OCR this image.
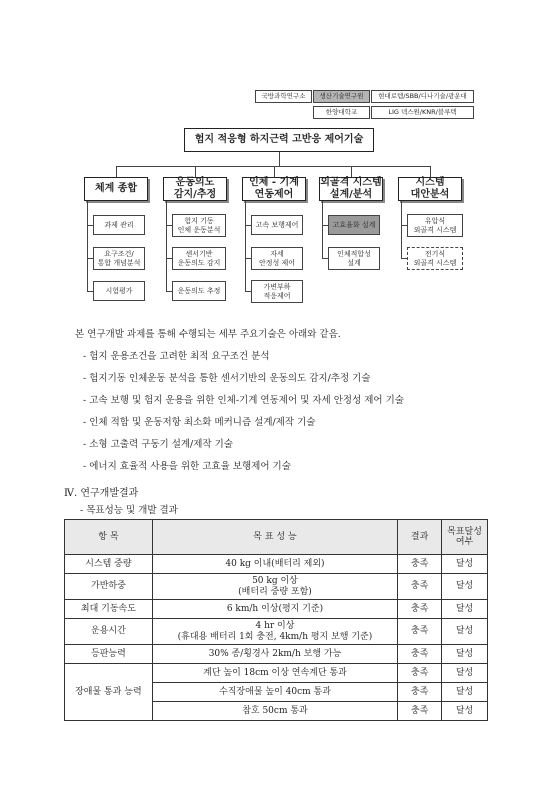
국방과학연구소	생산기술연구원	현대로템/SBB/디나기술/광운대
한양대학교	LIG 넥스원/KNR/블루텍
험지 적응형 하지근력 고반응 제어기술
체계 종합
운동의도
감지/추정
인체 - 기계
연동제어
외골격 시스템
설계/분석
시스템
대안분석
과제 관리
요구조건/
통합 개념분석
시험평가
험지 기동
인체 운동분석
센서기반
운동의도 감지
운동의도 추정
고속 보행제어
자세
안정성 제어
가변부하
적응제어
고효율화 설계
인체적합성
설계
유압식
외골격 시스템
전기식
외골격 시스템
본 연구개발 과제를 통해 수행되는 세부 주요기술은 아래와 같음.
- 험지 운용조건을 고려한 최적 요구조건 분석
- 험지기동 인체운동 분석을 통한 센서기반의 운동의도 감지/추정 기술
- 고속 보행 및 험지 운용을 위한 인체-기계 연동제어 및 자세 안정성 제어 기술
- 인체 적합 및 운동저항 최소화 메커니즘 설계/제작 기술
- 소형 고출력 구동기 설계/제작 기술
- 에너지 효율적 사용을 위한 고효율 보행제어 기술
Ⅳ. 연구개발결과
- 목표성능 및 개발 결과
항 목	목 표 성 능	결과	목표달성
여부
시스템 중량	40 kg 이내(배터리 제외)	충족	달성
가반하중	50 kg 이상
(배터리 중량 포함)	충족	달성
최대 기동속도	6 km/h 이상(평지 기준)	충족	달성
운용시간	4 hr 이상
(휴대용 배터리 1회 충전, 4km/h 평지 보행 기준)	충족	달성
등판능력	30% 종/횡경사 2km/h 보행 가능	충족	달성
장애물 통과 능력	계단 높이 18cm 이상 연속계단 통과	충족	달성
	수직장애물 높이 40cm 통과	충족	달성
	참호 50cm 통과	충족	달성
